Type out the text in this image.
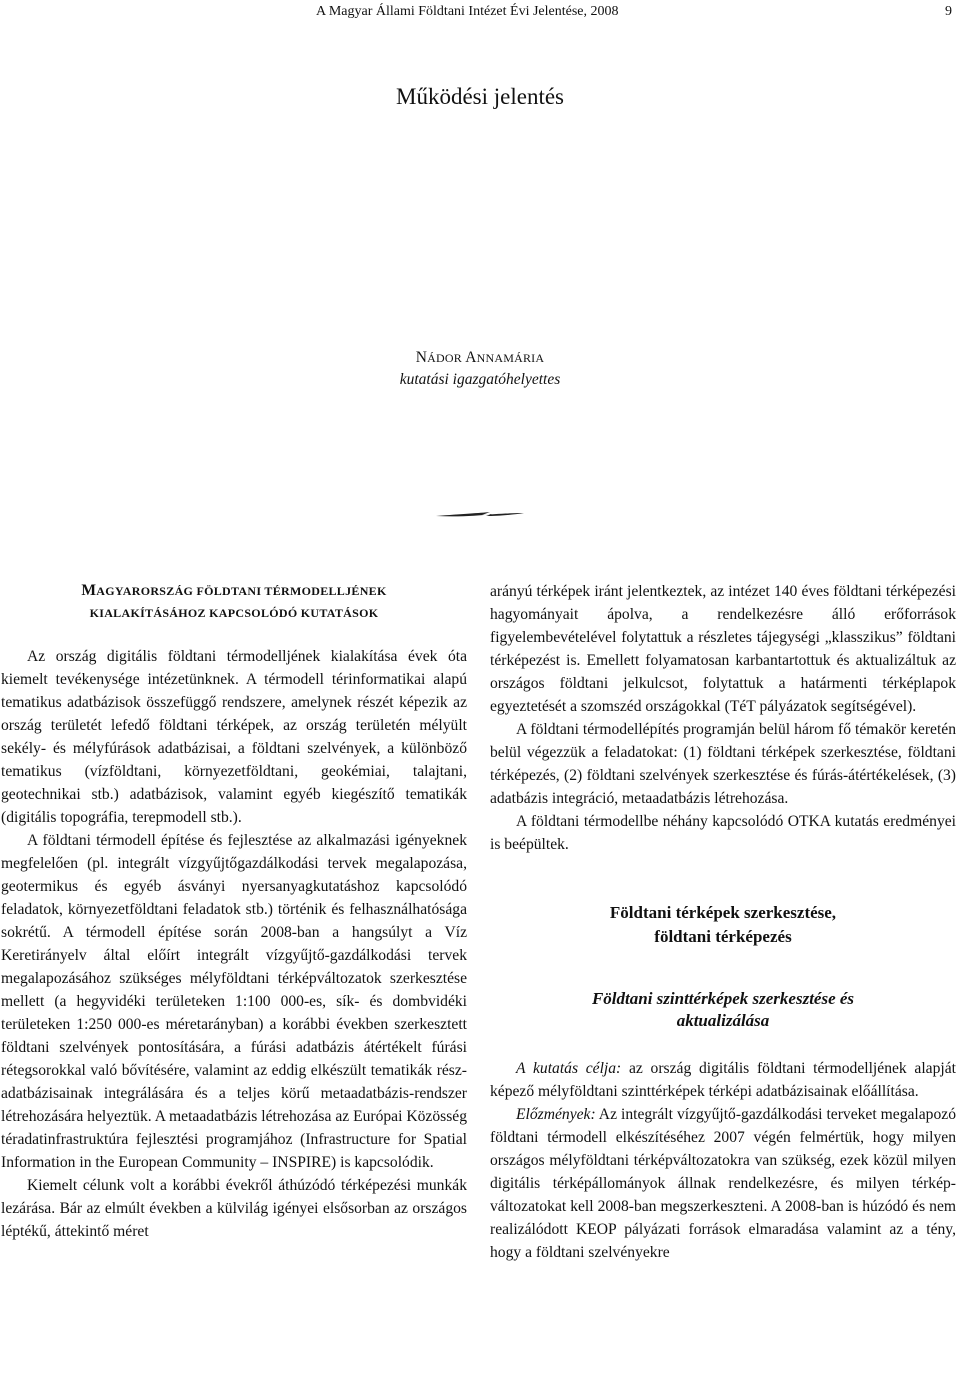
A Magyar Állami Földtani Intézet Évi Jelentése, 2008	9
Működési jelentés
NÁDOR ANNAMÁRIA
kutatási igazgatóhelyettes
MAGYARORSZÁG FÖLDTANI TÉRMODELLJÉNEK
KIALAKÍTÁSÁHOZ KAPCSOLÓDÓ KUTATÁSOK

Az ország digitális földtani térmodelljének kialakítása évek óta kiemelt tevékenysége intézetünknek. A térmodell térinformatikai alapú tematikus adatbázisok összefüggő rendszere, amelynek részét képezik az ország területét lefedő földtani térképek, az ország területén mélyült sekély- és mélyfúrások adatbázisai, a földtani szelvények, a különböző tematikus (vízföldtani, környezetföldtani, geokémiai, talajtani, geotechnikai stb.) adatbázisok, valamint egyéb kiegészítő tematikák (digitális topográfia, terepmodell stb.).

A földtani térmodell építése és fejlesztése az alkalmazási igényeknek megfelelően (pl. integrált vízgyűjtőgazdálkodási tervek megalapozása, geotermikus és egyéb ásványi nyersanyagkutatáshoz kapcsolódó feladatok, környezetföldtani feladatok stb.) történik és felhasználhatósága sokrétű. A térmodell építése során 2008-ban a hangsúlyt a Víz Keretirányelv által előírt integrált vízgyűjtő-gazdálkodási tervek megalapozásához szükséges mélyföldtani térképváltozatok szerkesztése mellett (a hegyvidéki területeken 1:100 000-es, sík- és dombvidéki területeken 1:250 000-es méretarányban) a korábbi években szerkesztett földtani szelvények pontosítására, a fúrási adatbázis átértékelt fúrási rétegsorokkal való bővítésére, valamint az eddig elkészült tematikák rész-adatbázisainak integrálására és a teljes körű metaadatbázis-rendszer létrehozására helyeztük. A metaadatbázis létrehozása az Európai Közösség téradatinfrastruktúra fejlesztési programjához (Infrastructure for Spatial Information in the European Community – INSPIRE) is kapcsolódik.

Kiemelt célunk volt a korábbi évekről áthúzódó térképezési munkák lezárása. Bár az elmúlt években a külvilág igényei elsősorban az országos léptékű, áttekintő méret

arányú térképek iránt jelentkeztek, az intézet 140 éves földtani térképezési hagyományait ápolva, a rendelkezésre álló erőforrások figyelembevételével folytattuk a részletes tájegységi „klasszikus” földtani térképezést is. Emellett folyamatosan karbantartottuk és aktualizáltuk az országos földtani jelkulcsot, folytattuk a határmenti térképlapok egyeztetését a szomszéd országokkal (TéT pályázatok segítségével).

A földtani térmodellépítés programján belül három fő témakör keretén belül végezzük a feladatokat: (1) földtani térképek szerkesztése, földtani térképezés, (2) földtani szelvények szerkesztése és fúrás-átértékelések, (3) adatbázis integráció, metaadatbázis létrehozása.

A földtani térmodellbe néhány kapcsolódó OTKA kutatás eredményei is beépültek.

Földtani térképek szerkesztése,
földtani térképezés
Földtani szinttérképek szerkesztése és
aktualizálása

A kutatás célja: az ország digitális földtani térmodelljének alapját képező mélyföldtani szinttérképek térképi adatbázisainak előállítása.

Előzmények: Az integrált vízgyűjtő-gazdálkodási terveket megalapozó földtani térmodell elkészítéséhez 2007 végén felmértük, hogy milyen országos mélyföldtani térképváltozatokra van szükség, ezek közül milyen digitális térképállományok állnak rendelkezésre, és milyen térképváltozatokat kell 2008-ban megszerkeszteni. A 2008-ban is húzódó és nem realizálódott KEOP pályázati források elmaradása valamint az a tény, hogy a földtani szelvényekre
